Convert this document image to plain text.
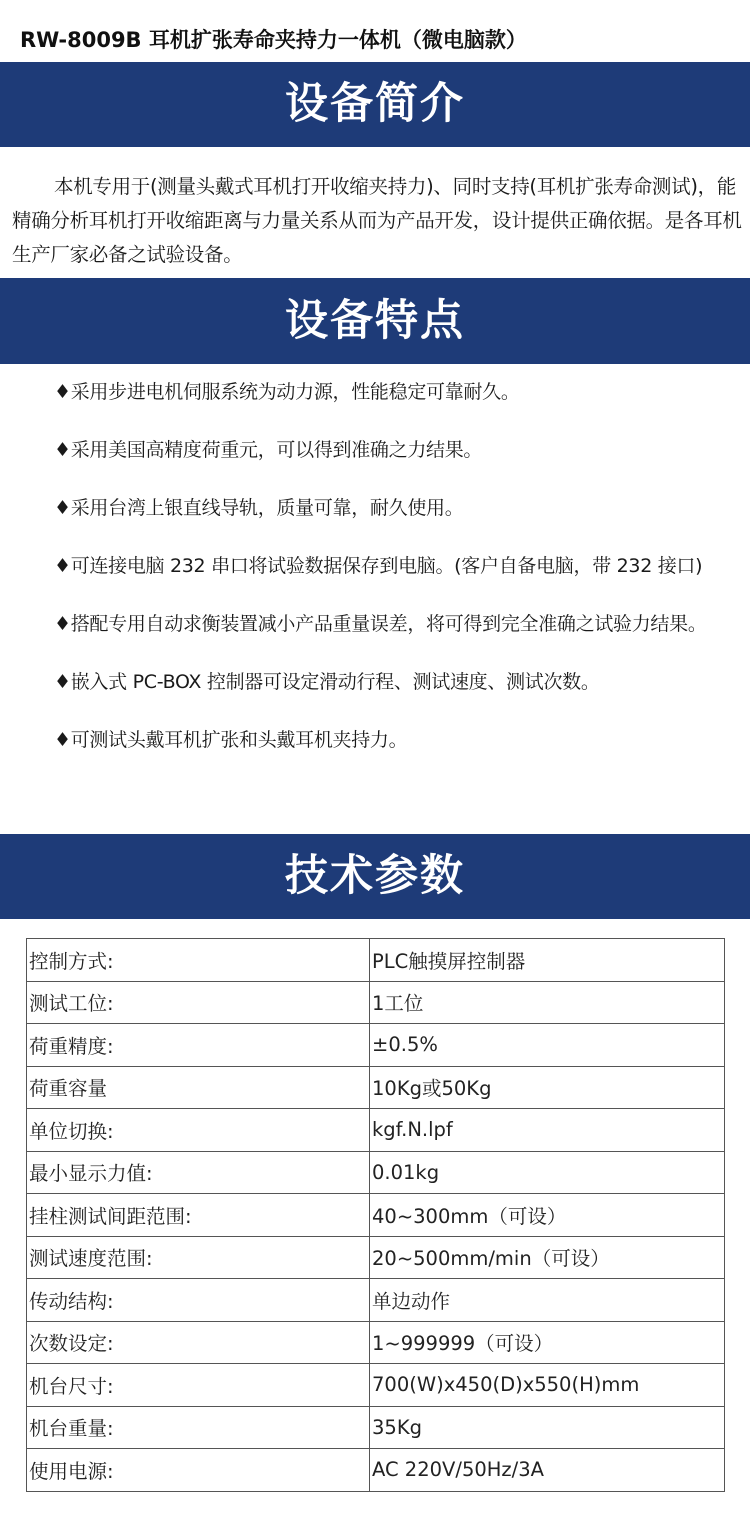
RW-8009B 耳机扩张寿命夹持力一体机（微电脑款）
设备简介
本机专用于(测量头戴式耳机打开收缩夹持力)、同时支持(耳机扩张寿命测试)，能精确分析耳机打开收缩距离与力量关系从而为产品开发，设计提供正确依据。是各耳机生产厂家必备之试验设备。
设备特点

♦采用步进电机伺服系统为动力源，性能稳定可靠耐久。

♦采用美国高精度荷重元，可以得到准确之力结果。

♦采用台湾上银直线导轨，质量可靠，耐久使用。

♦可连接电脑 232 串口将试验数据保存到电脑。(客户自备电脑，带 232 接口)

♦搭配专用自动求衡装置减小产品重量误差，将可得到完全准确之试验力结果。

♦嵌入式 PC-BOX 控制器可设定滑动行程、测试速度、测试次数。

♦可测试头戴耳机扩张和头戴耳机夹持力。

技术参数
控制方式:	PLC触摸屏控制器
测试工位:	1工位
荷重精度:	±0.5%
荷重容量	10Kg或50Kg
单位切换:	kgf.N.lpf
最小显示力值:	0.01kg
挂柱测试间距范围:	40~300mm（可设）
测试速度范围:	20~500mm/min（可设）
传动结构:	单边动作
次数设定:	1~999999（可设）
机台尺寸:	700(W)x450(D)x550(H)mm
机台重量:	35Kg
使用电源:	AC 220V/50Hz/3A
